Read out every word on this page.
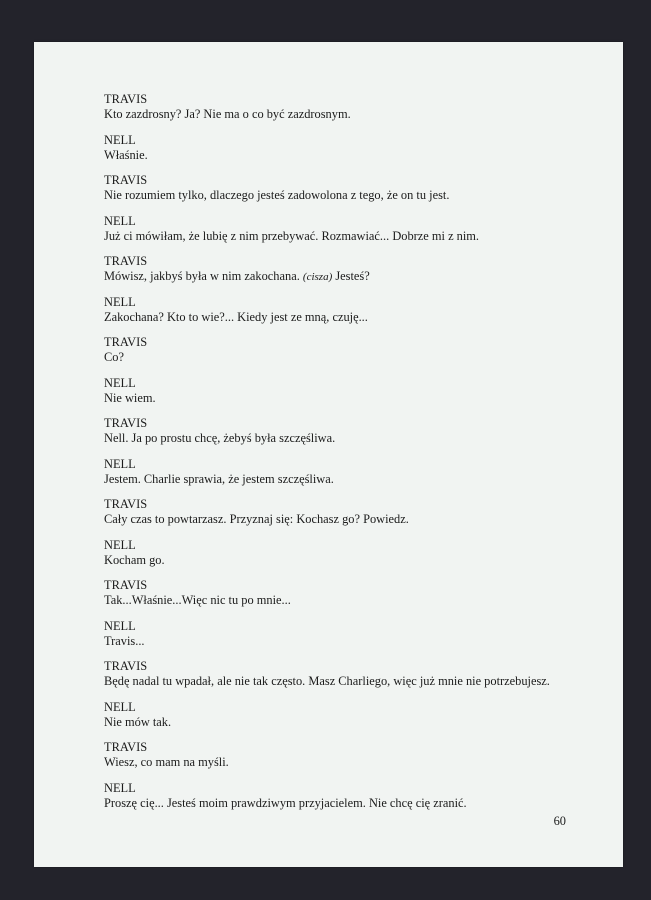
TRAVIS
Kto zazdrosny? Ja? Nie ma o co być zazdrosnym.
NELL
Właśnie.
TRAVIS
Nie rozumiem tylko, dlaczego jesteś zadowolona z tego, że on tu jest.
NELL
Już ci mówiłam, że lubię z nim przebywać. Rozmawiać... Dobrze mi z nim.
TRAVIS
Mówisz, jakbyś była w nim zakochana. (cisza) Jesteś?
NELL
Zakochana? Kto to wie?... Kiedy jest ze mną, czuję...
TRAVIS
Co?
NELL
Nie wiem.
TRAVIS
Nell. Ja po prostu chcę, żebyś była szczęśliwa.
NELL
Jestem. Charlie sprawia, że jestem szczęśliwa.
TRAVIS
Cały czas to powtarzasz. Przyznaj się: Kochasz go? Powiedz.
NELL
Kocham go.
TRAVIS
Tak...Właśnie...Więc nic tu po mnie...
NELL
Travis...
TRAVIS
Będę nadal tu wpadał, ale nie tak często. Masz Charliego, więc już mnie nie potrzebujesz.
NELL
Nie mów tak.
TRAVIS
Wiesz, co mam na myśli.
NELL
Proszę cię... Jesteś moim prawdziwym przyjacielem. Nie chcę cię zranić.
60
